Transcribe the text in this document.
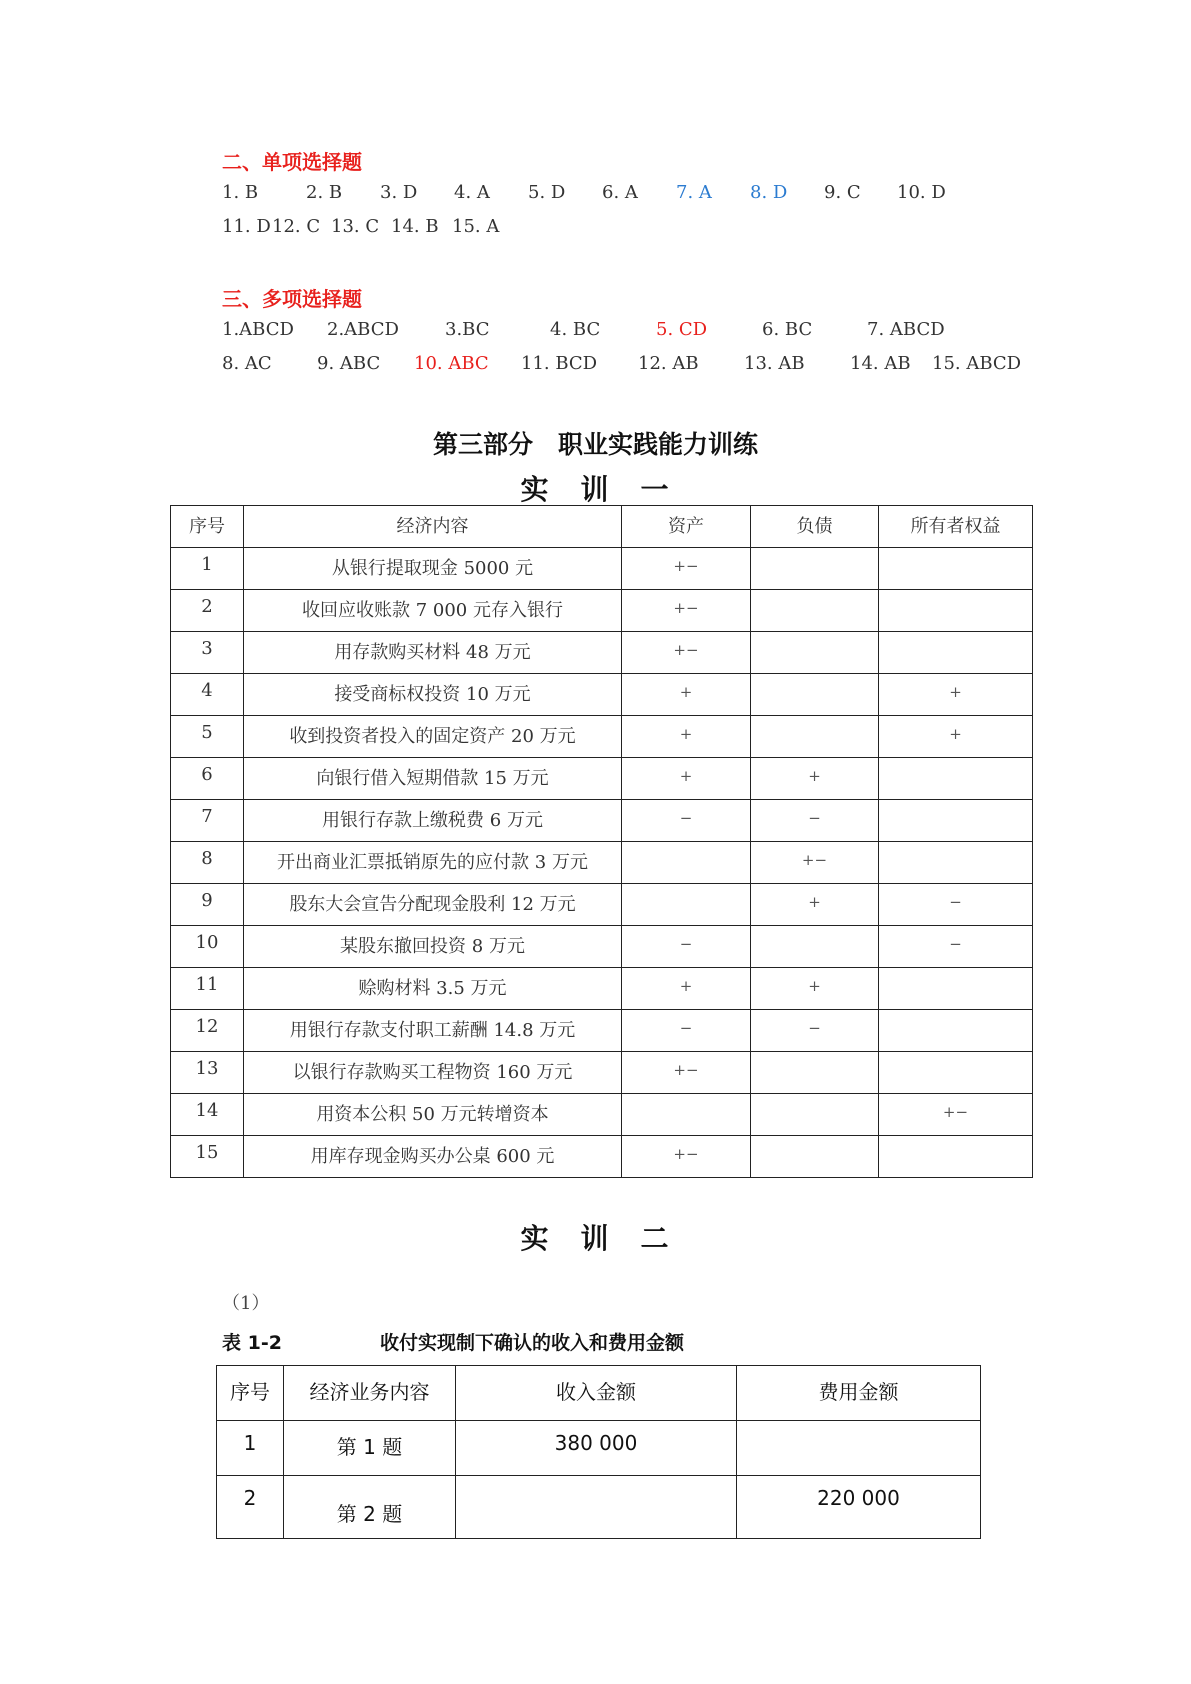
二、单项选择题
1. B	2. B 3. D 4. A 5. D 6. A 7. A 8. D 9. C 10. D
11. D 12. C 13. C 14. B 15. A
三、多项选择题
1.ABCD 2.ABCD	3.BC	4. BC	5. CD	6. BC	7. ABCD
8. AC	9. ABC 10. ABC 11. BCD 12. AB	13. AB	14. AB 15. ABCD
第三部分　职业实践能力训练
实　训　一
序号	经济内容	资产	负债	所有者权益
1	从银行提取现金 5000 元	+−		
2	收回应收账款 7 000 元存入银行	+−		
3	用存款购买材料 48 万元	+−		
4	接受商标权投资 10 万元	+		+
5	收到投资者投入的固定资产 20 万元	+		+
6	向银行借入短期借款 15 万元	+	+	
7	用银行存款上缴税费 6 万元	−	−	
8	开出商业汇票抵销原先的应付款 3 万元		+−	
9	股东大会宣告分配现金股利 12 万元		+	−
10	某股东撤回投资 8 万元	−		−
11	赊购材料 3.5 万元	+	+	
12	用银行存款支付职工薪酬 14.8 万元	−	−	
13	以银行存款购买工程物资 160 万元	+−		
14	用资本公积 50 万元转增资本			+−
15	用库存现金购买办公桌 600 元	+−		
实　训　二
（1）
表 1-2	收付实现制下确认的收入和费用金额
序号	经济业务内容	收入金额	费用金额
1	第 1 题	380 000	
2	第 2 题		220 000
